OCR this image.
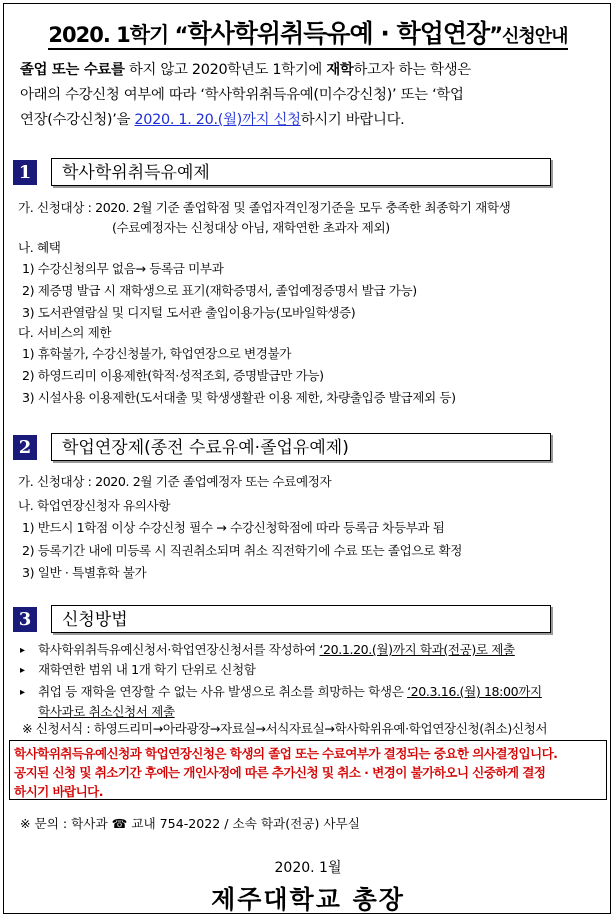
2020. 1학기 “학사학위취득유예 · 학업연장”신청안내
졸업 또는 수료를 하지 않고 2020학년도 1학기에 재학하고자 하는 학생은
아래의 수강신청 여부에 따라 ‘학사학위취득유예(미수강신청)’ 또는 ‘학업
연장(수강신청)’을 2020. 1. 20.(월)까지 신청하시기 바랍니다.
1	학사학위취득유예제
가. 신청대상 : 2020. 2월 기준 졸업학점 및 졸업자격인정기준을 모두 충족한 최종학기 재학생
(수료예정자는 신청대상 아님, 재학연한 초과자 제외)
나. 혜택
1) 수강신청의무 없음→ 등록금 미부과
2) 제증명 발급 시 재학생으로 표기(재학증명서, 졸업예정증명서 발급 가능)
3) 도서관열람실 및 디지털 도서관 출입이용가능(모바일학생증)
다. 서비스의 제한
1) 휴학불가, 수강신청불가, 학업연장으로 변경불가
2) 하영드리미 이용제한(학적·성적조회, 증명발급만 가능)
3) 시설사용 이용제한(도서대출 및 학생생활관 이용 제한, 차량출입증 발급제외 등)
2	학업연장제(종전 수료유예·졸업유예제)
가. 신청대상 : 2020. 2월 기준 졸업예정자 또는 수료예정자
나. 학업연장신청자 유의사항
1) 반드시 1학점 이상 수강신청 필수 → 수강신청학점에 따라 등록금 차등부과 됨
2) 등록기간 내에 미등록 시 직권취소되며 취소 직전학기에 수료 또는 졸업으로 확정
3) 일반 · 특별휴학 불가
3	신청방법
▸ 학사학위취득유예신청서·학업연장신청서를 작성하여 ‘20.1.20.(월)까지 학과(전공)로 제출
▸ 재학연한 범위 내 1개 학기 단위로 신청함
▸ 취업 등 재학을 연장할 수 없는 사유 발생으로 취소를 희망하는 학생은 ‘20.3.16.(월) 18:00까지
학사과로 취소신청서 제출
※ 신청서식 : 하영드리미→아라광장→자료실→서식자료실→학사학위유예·학업연장신청(취소)신청서
학사학위취득유예신청과 학업연장신청은 학생의 졸업 또는 수료여부가 결정되는 중요한 의사결정입니다.
공지된 신청 및 취소기간 후에는 개인사정에 따른 추가신청 및 취소 · 변경이 불가하오니 신중하게 결정
하시기 바랍니다.
※ 문의 : 학사과 ☎ 교내 754-2022 / 소속 학과(전공) 사무실
2020. 1월
제주대학교 총장
